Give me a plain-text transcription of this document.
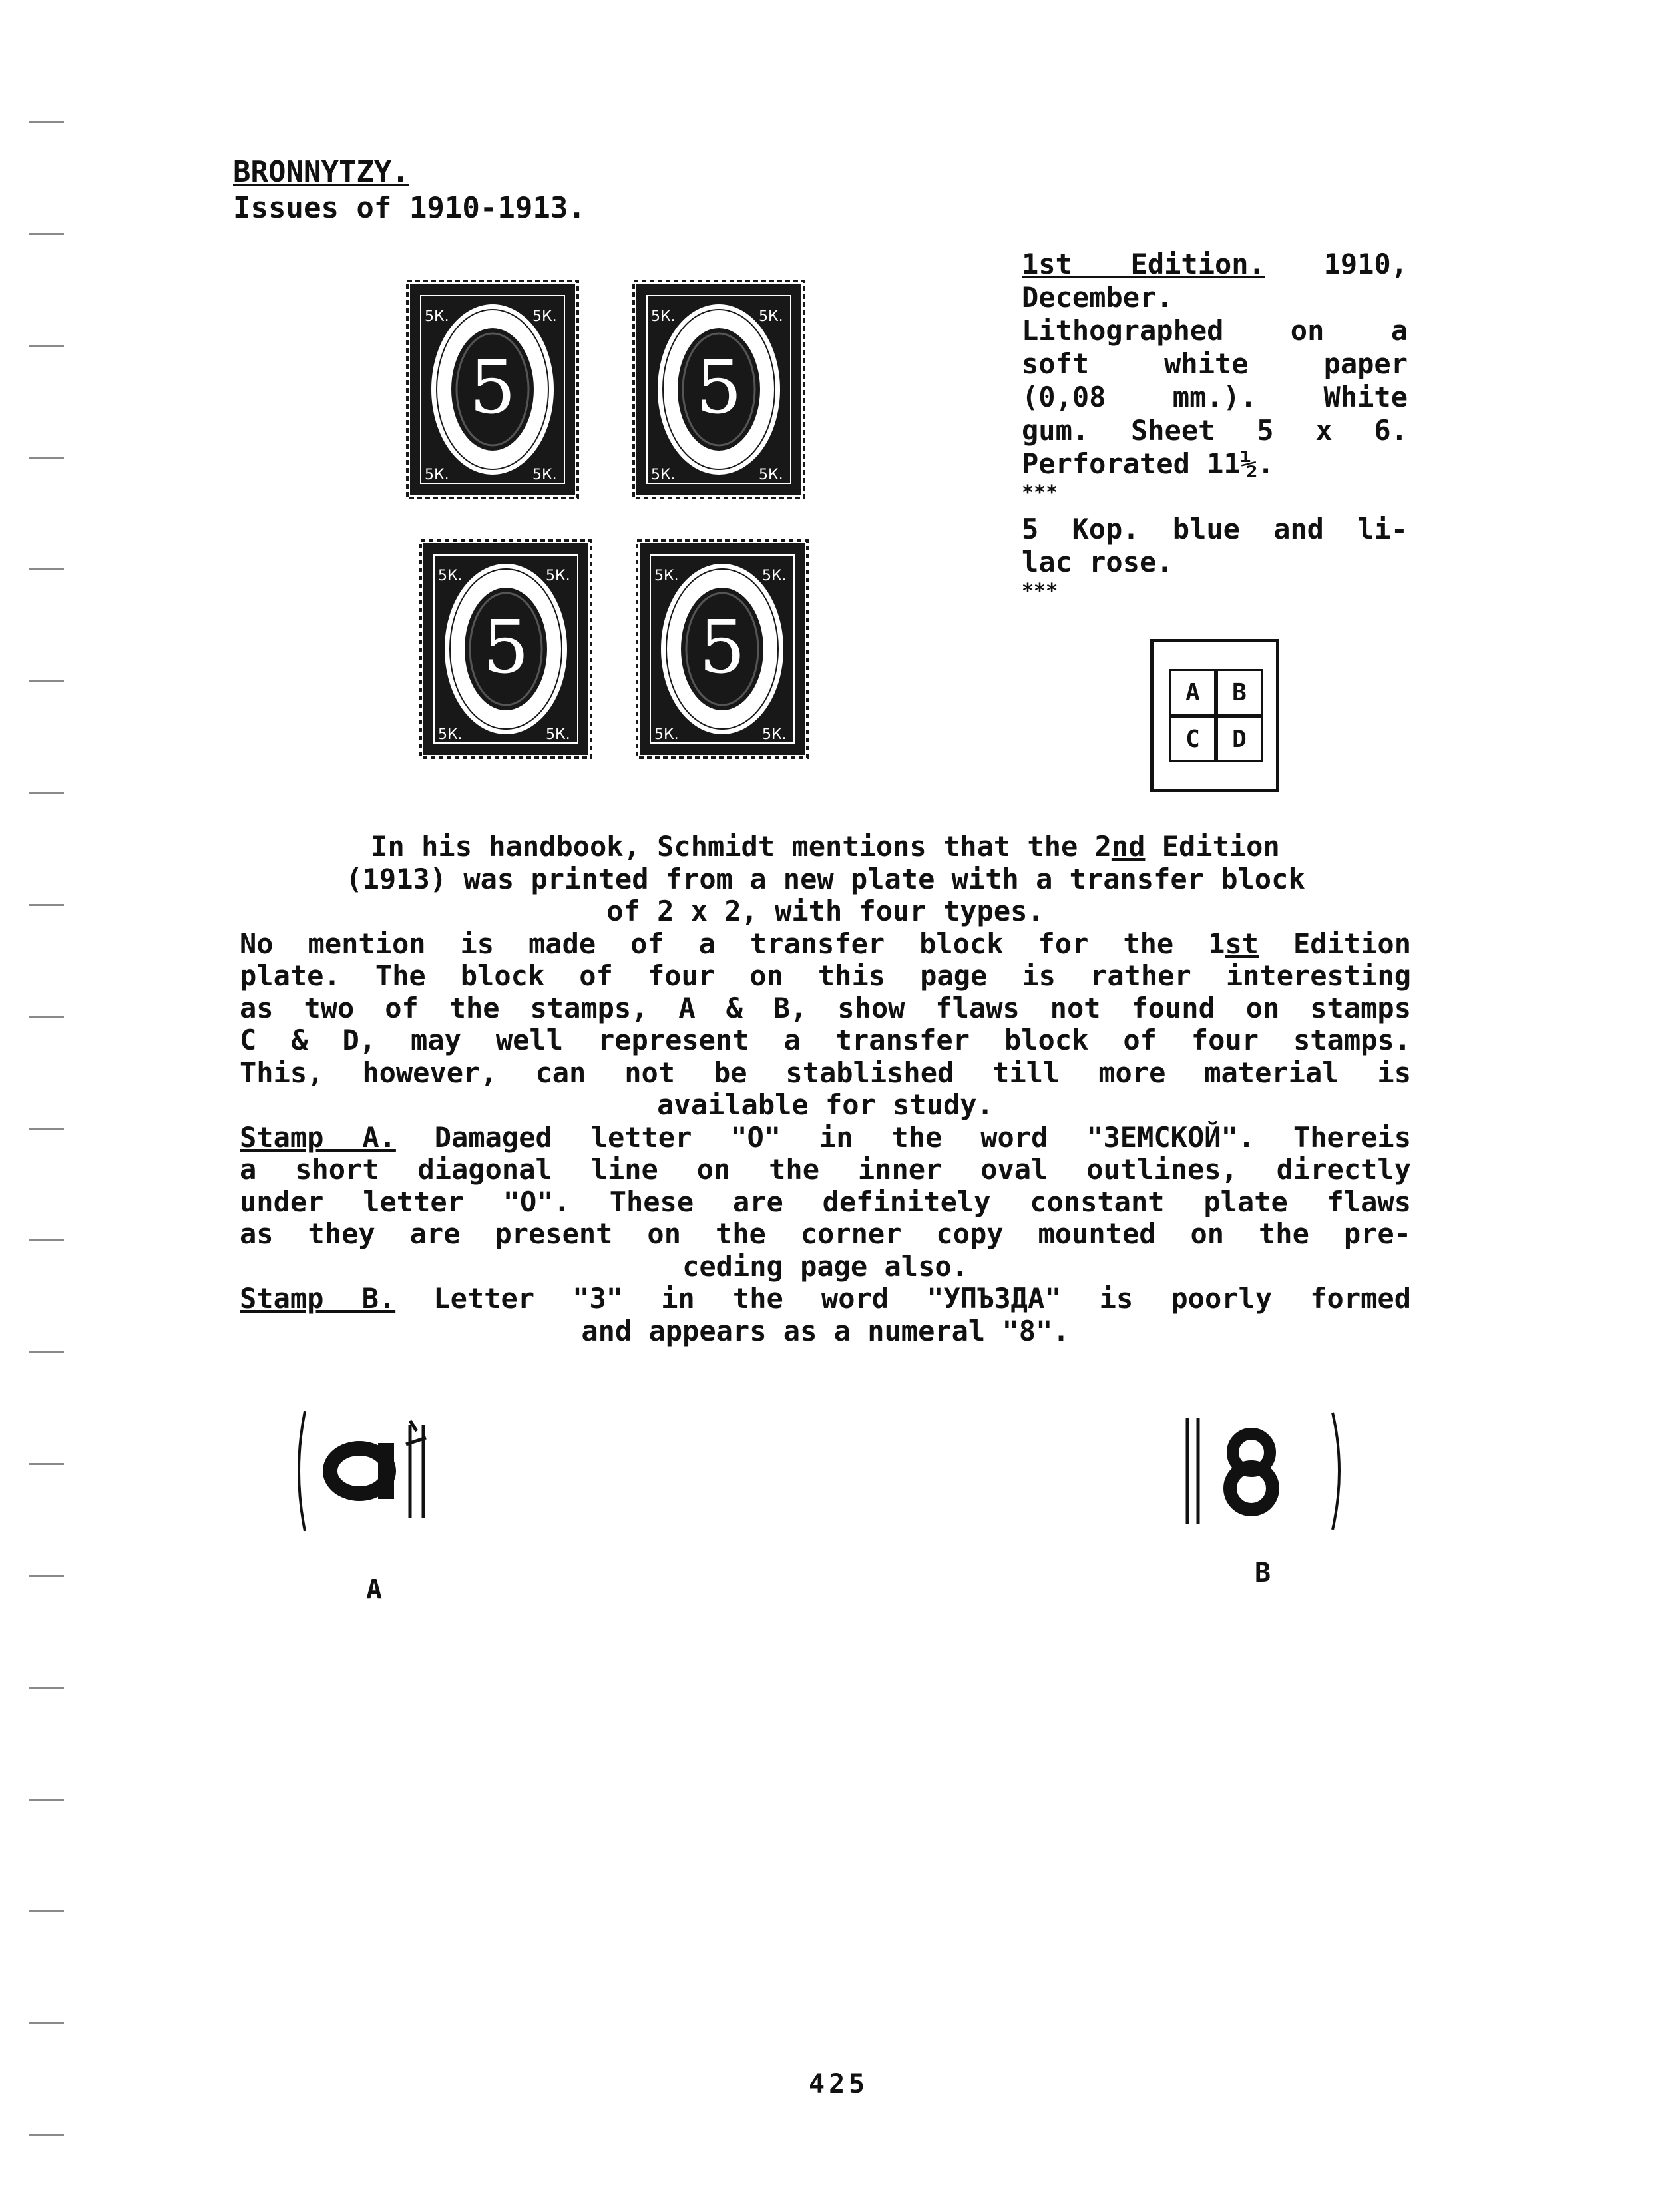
BRONNYTZY.
Issues of 1910-1913.
5
5К.	5К.
5К.	5К.
5
5К.	5К.
5К.	5К.
5
5К.	5К.
5К.	5К.
5
5К.	5К.
5К.	5К.

1st Edition. 1910,

December.

Lithographed on a

soft white paper

(0,08 mm.). White

gum. Sheet 5 x 6.

Perforated 11½.

***

5 Kop. blue and li-

lac rose.

***

A	B
C	D
In his handbook, Schmidt mentions that the 2nd Edition
(1913) was printed from a new plate with a transfer block
of 2 x 2, with four types.
No mention is made of a transfer block for the 1st Edition
plate. The block of four on this page is rather interesting
as two of the stamps, A & B, show flaws not found on stamps
C & D, may well represent a transfer block of four stamps.
This, however, can not be stablished till more material is
available for study.
Stamp A. Damaged letter "O" in the word "ЗЕМСКОЙ". Thereis
a short diagonal line on the inner oval outlines, directly
under letter "O". These are definitely constant plate flaws
as they are present on the corner copy mounted on the pre-
ceding page also.
Stamp B. Letter "3" in the word "УПЪЗДА" is poorly formed
and appears as a numeral "8".
A
B
425
